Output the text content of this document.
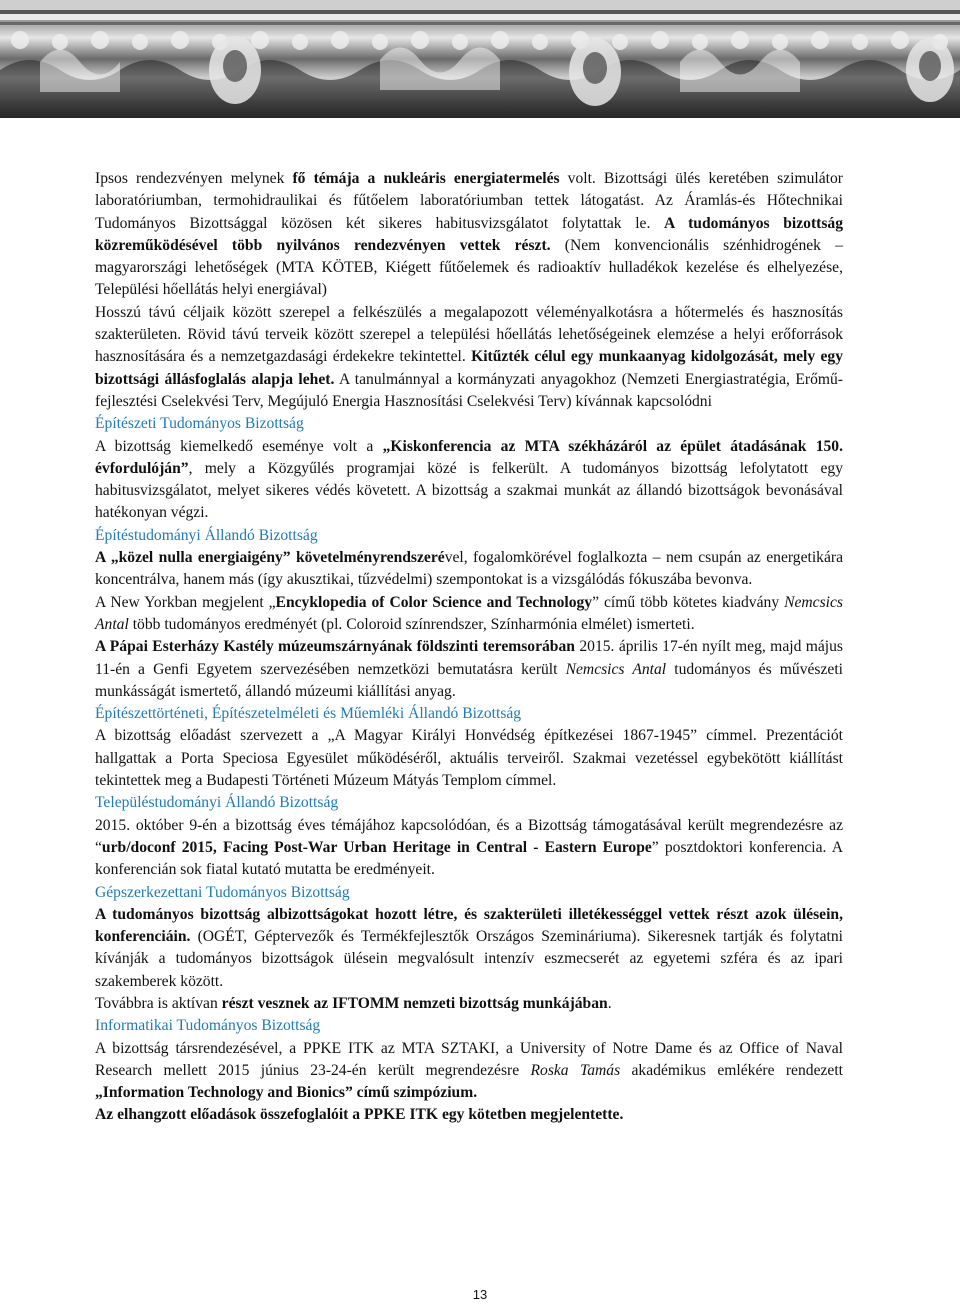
Ipsos rendezvényen melynek fő témája a nukleáris energiatermelés volt. Bizottsági ülés keretében szimulátor laboratóriumban, termohidraulikai és fűtőelem laboratóriumban tettek látogatást. Az Áramlás-és Hőtechnikai Tudományos Bizottsággal közösen két sikeres habitusvizsgálatot folytattak le. A tudományos bizottság közreműködésével több nyilvános rendezvényen vettek részt. (Nem konvencionális szénhidrogének – magyarországi lehetőségek (MTA KÖTEB, Kiégett fűtőelemek és radioaktív hulladékok kezelése és elhelyezése, Települési hőellátás helyi energiával)

Hosszú távú céljaik között szerepel a felkészülés a megalapozott véleményalkotásra a hőtermelés és hasznosítás szakterületen. Rövid távú terveik között szerepel a települési hőellátás lehetőségeinek elemzése a helyi erőforrások hasznosítására és a nemzetgazdasági érdekekre tekintettel. Kitűzték célul egy munkaanyag kidolgozását, mely egy bizottsági állásfoglalás alapja lehet. A tanulmánnyal a kormányzati anyagokhoz (Nemzeti Energiastratégia, Erőmű-fejlesztési Cselekvési Terv, Megújuló Energia Hasznosítási Cselekvési Terv) kívánnak kapcsolódni

Építészeti Tudományos Bizottság

A bizottság kiemelkedő eseménye volt a „Kiskonferencia az MTA székházáról az épület átadásának 150. évfordulóján”, mely a Közgyűlés programjai közé is felkerült. A tudományos bizottság lefolytatott egy habitusvizsgálatot, melyet sikeres védés követett. A bizottság a szakmai munkát az állandó bizottságok bevonásával hatékonyan végzi.

Építéstudományi Állandó Bizottság

A „közel nulla energiaigény” követelményrendszerével, fogalomkörével foglalkozta – nem csupán az energetikára koncentrálva, hanem más (így akusztikai, tűzvédelmi) szempontokat is a vizsgálódás fókuszába bevonva.

A New Yorkban megjelent „Encyklopedia of Color Science and Technology” című több kötetes kiadvány Nemcsics Antal több tudományos eredményét (pl. Coloroid színrendszer, Színharmónia elmélet) ismerteti.

A Pápai Esterházy Kastély múzeumszárnyának földszinti teremsorában 2015. április 17-én nyílt meg, majd május 11-én a Genfi Egyetem szervezésében nemzetközi bemutatásra került Nemcsics Antal tudományos és művészeti munkásságát ismertető, állandó múzeumi kiállítási anyag.

Építészettörténeti, Építészetelméleti és Műemléki Állandó Bizottság

A bizottság előadást szervezett a „A Magyar Királyi Honvédség építkezései 1867-1945” címmel. Prezentációt hallgattak a Porta Speciosa Egyesület működéséről, aktuális terveiről. Szakmai vezetéssel egybekötött kiállítást tekintettek meg a Budapesti Történeti Múzeum Mátyás Templom címmel.

Településtudományi Állandó Bizottság

2015. október 9-én a bizottság éves témájához kapcsolódóan, és a Bizottság támogatásával került megrendezésre az “urb/doconf 2015, Facing Post-War Urban Heritage in Central - Eastern Europe” posztdoktori konferencia. A konferencián sok fiatal kutató mutatta be eredményeit.

Gépszerkezettani Tudományos Bizottság

A tudományos bizottság albizottságokat hozott létre, és szakterületi illetékességgel vettek részt azok ülésein, konferenciáin. (OGÉT, Géptervezők és Termékfejlesztők Országos Szemináriuma). Sikeresnek tartják és folytatni kívánják a tudományos bizottságok ülésein megvalósult intenzív eszmecserét az egyetemi szféra és az ipari szakemberek között.

Továbbra is aktívan részt vesznek az IFTOMM nemzeti bizottság munkájában.

Informatikai Tudományos Bizottság

A bizottság társrendezésével, a PPKE ITK az MTA SZTAKI, a University of Notre Dame és az Office of Naval Research mellett 2015 június 23-24-én került megrendezésre Roska Tamás akadémikus emlékére rendezett „Information Technology and Bionics” című szimpózium.

Az elhangzott előadások összefoglalóit a PPKE ITK egy kötetben megjelentette.

13
